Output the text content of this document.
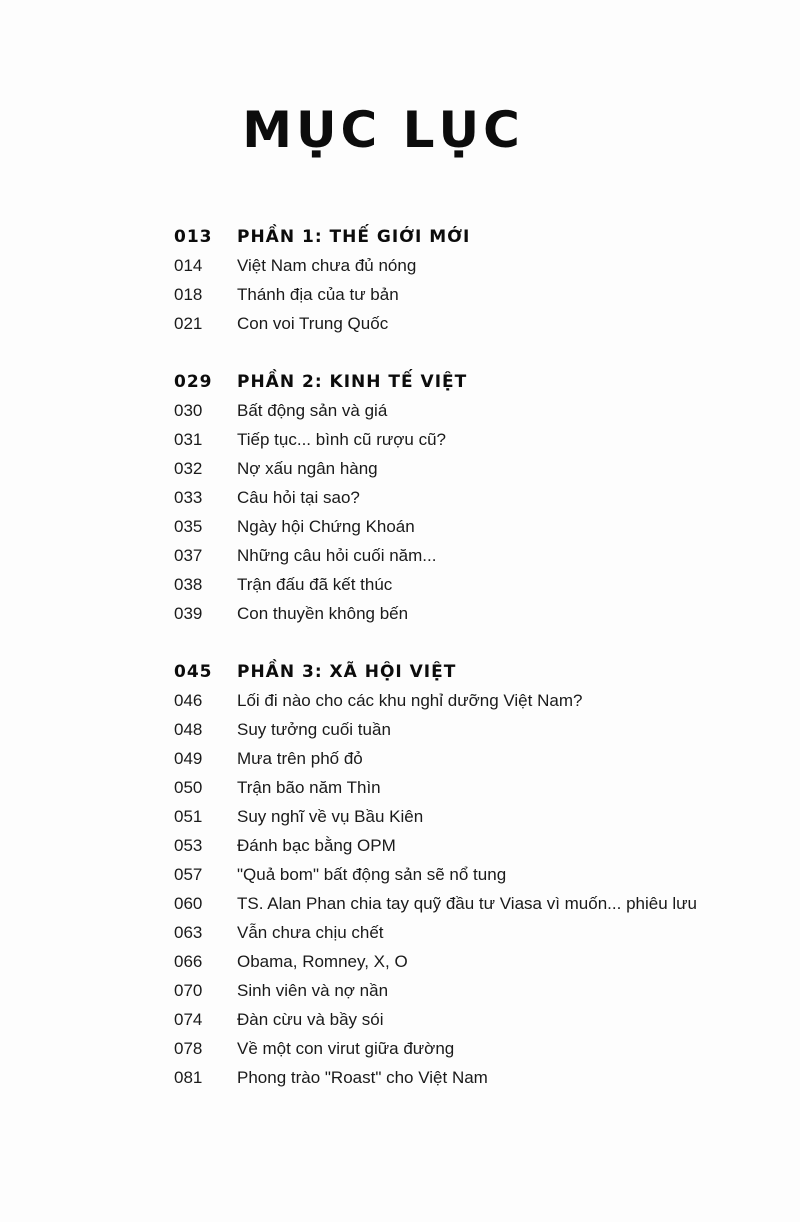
MỤC LỤC
013	PHẦN 1: THẾ GIỚI MỚI
014	Việt Nam chưa đủ nóng
018	Thánh địa của tư bản
021	Con voi Trung Quốc
029	PHẦN 2: KINH TẾ VIỆT
030	Bất động sản và giá
031	Tiếp tục... bình cũ rượu cũ?
032	Nợ xấu ngân hàng
033	Câu hỏi tại sao?
035	Ngày hội Chứng Khoán
037	Những câu hỏi cuối năm...
038	Trận đấu đã kết thúc
039	Con thuyền không bến
045	PHẦN 3: XÃ HỘI VIỆT
046	Lối đi nào cho các khu nghỉ dưỡng Việt Nam?
048	Suy tưởng cuối tuần
049	Mưa trên phố đỏ
050	Trận bão năm Thìn
051	Suy nghĩ về vụ Bầu Kiên
053	Đánh bạc bằng OPM
057	"Quả bom" bất động sản sẽ nổ tung
060	TS. Alan Phan chia tay quỹ đầu tư Viasa vì muốn... phiêu lưu
063	Vẫn chưa chịu chết
066	Obama, Romney, X, O
070	Sinh viên và nợ nần
074	Đàn cừu và bầy sói
078	Về một con virut giữa đường
081	Phong trào "Roast" cho Việt Nam
